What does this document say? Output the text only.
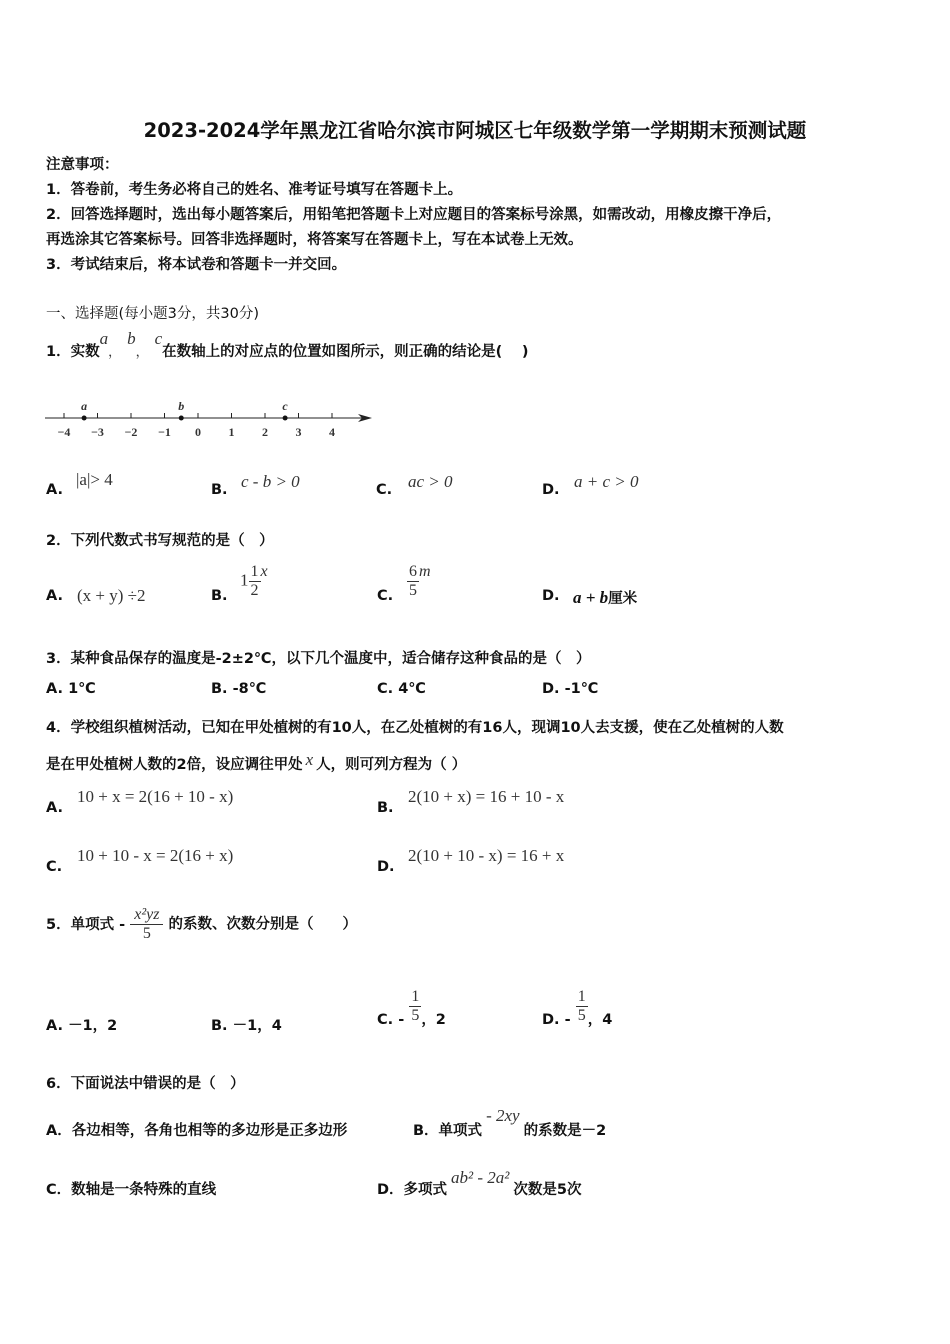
2023-2024学年黑龙江省哈尔滨市阿城区七年级数学第一学期期末预测试题
注意事项：
1．答卷前，考生务必将自己的姓名、准考证号填写在答题卡上。
2．回答选择题时，选出每小题答案后，用铅笔把答题卡上对应题目的答案标号涂黑，如需改动，用橡皮擦干净后，
再选涂其它答案标号。回答非选择题时，将答案写在答题卡上，写在本试卷上无效。
3．考试结束后，将本试卷和答题卡一并交回。
一、选择题(每小题3分，共30分)
1．实数a，b，c在数轴上的对应点的位置如图所示，则正确的结论是(　 )
−4 −3 −2 −1 0 1 2 3 4
a	b	c
A.
|a|> 4
B. c - b > 0	C. ac > 0	D. a + c > 0
2．下列代数式书写规范的是（　）
A. (x + y) ÷2	B.
$1 \frac{1}{2}$ x
C. $\frac{6}{5}$ m
D. a + b厘米
3．某种食品保存的温度是-2±2℃，以下几个温度中，适合储存这种食品的是（　）
A. 1℃	B. -8℃	C. 4℃	D. -1℃
4．学校组织植树活动，已知在甲处植树的有10人，在乙处植树的有16人，现调10人去支援，使在乙处植树的人数
是在甲处植树人数的2倍，设应调往甲处 x 人，则可列方程为（ ）
A.
10 + x = 2(16 + 10 - x)
B.
2(10 + x) = 16 + 10 - x
C.
10 + 10 - x = 2(16 + x)
D.
2(10 + 10 - x) = 16 + x
5．单项式 - $\frac{\text{x²yz}}{5}$ 的系数、次数分别是（　　）
A. －1，2	B. －1，4	C. - $\frac{1}{5}$ ，2	D. - $\frac{1}{5}$ ，4
6．下面说法中错误的是（　）
A．各边相等，各角也相等的多边形是正多边形	B．单项式- 2xy的系数是－2
C．数轴是一条特殊的直线	D．多项式ab² - 2a²次数是5次
